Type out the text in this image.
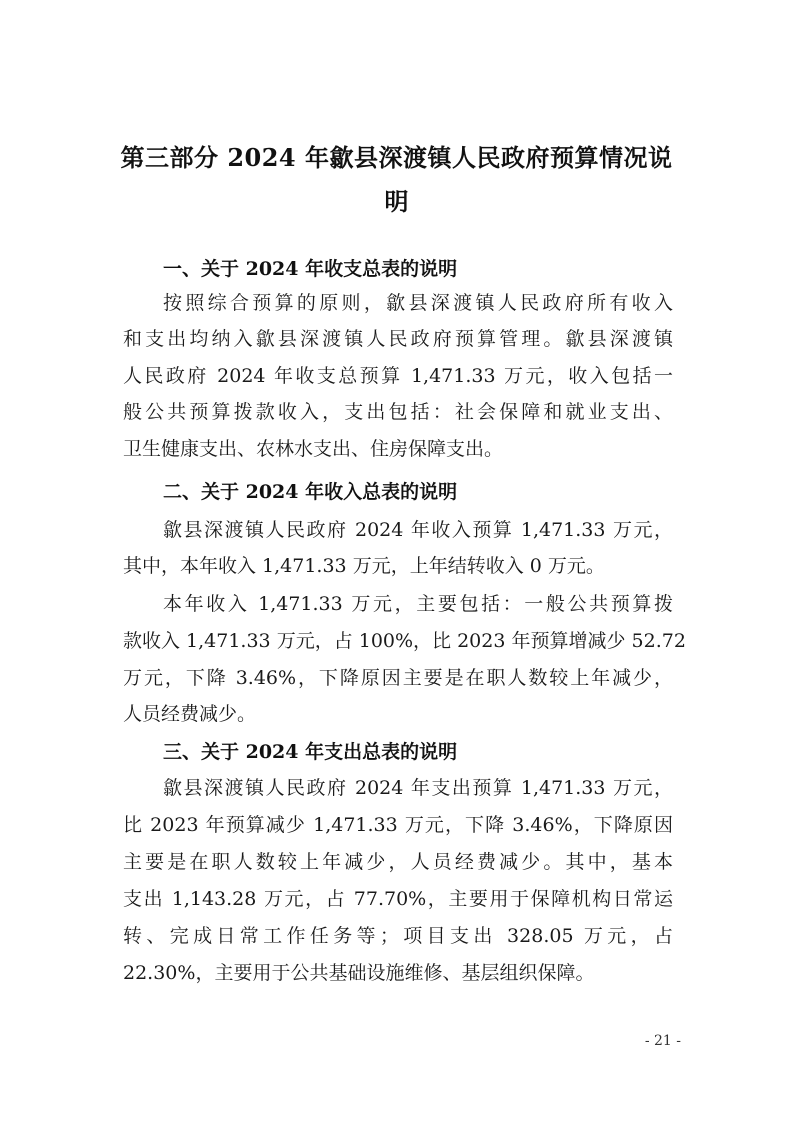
第三部分 2024 年歙县深渡镇人民政府预算情况说
明
一、关于 2024 年收支总表的说明
按照综合预算的原则，歙县深渡镇人民政府所有收入
和支出均纳入歙县深渡镇人民政府预算管理。歙县深渡镇
人民政府 2024 年收支总预算 1,471.33 万元，收入包括一
般公共预算拨款收入，支出包括：社会保障和就业支出、
卫生健康支出、农林水支出、住房保障支出。
二、关于 2024 年收入总表的说明
歙县深渡镇人民政府 2024 年收入预算 1,471.33 万元，
其中，本年收入 1,471.33 万元，上年结转收入 0 万元。
本年收入 1,471.33 万元，主要包括：一般公共预算拨
款收入 1,471.33 万元，占 100%，比 2023 年预算增减少 52.72
万元，下降 3.46%，下降原因主要是在职人数较上年减少，
人员经费减少。
三、关于 2024 年支出总表的说明
歙县深渡镇人民政府 2024 年支出预算 1,471.33 万元，
比 2023 年预算减少 1,471.33 万元，下降 3.46%，下降原因
主要是在职人数较上年减少，人员经费减少。其中，基本
支出 1,143.28 万元，占 77.70%，主要用于保障机构日常运
转、完成日常工作任务等；项目支出 328.05 万元，占
22.30%，主要用于公共基础设施维修、基层组织保障。
- 21 -
